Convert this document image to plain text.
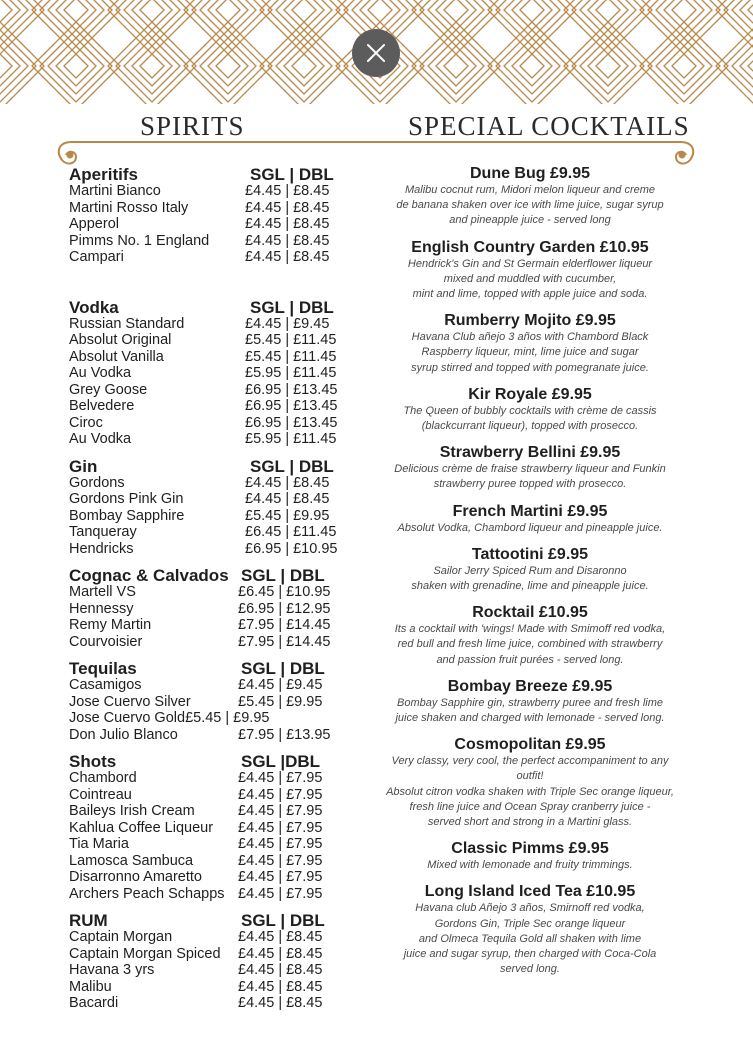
SPIRITS	SPECIAL COCKTAILS
Aperitifs	SGL | DBL
Martini Bianco	£4.45 | £8.45
Martini Rosso Italy	£4.45 | £8.45
Apperol	£4.45 | £8.45
Pimms No. 1 England £4.45 | £8.45
Campari	£4.45 | £8.45
Vodka	SGL | DBL
Russian Standard	£4.45 | £9.45
Absolut Original	£5.45 | £11.45
Absolut Vanilla	£5.45 | £11.45
Au Vodka	£5.95 | £11.45
Grey Goose	£6.95 | £13.45
Belvedere	£6.95 | £13.45
Ciroc	£6.95 | £13.45
Au Vodka	£5.95 | £11.45
Gin	SGL | DBL
Gordons	£4.45 | £8.45
Gordons Pink Gin	£4.45 | £8.45
Bombay Sapphire	£5.45 | £9.95
Tanqueray	£6.45 | £11.45
Hendricks	£6.95 | £10.95
Cognac & Calvados SGL | DBL
Martell VS	£6.45 | £10.95
Hennessy	£6.95 | £12.95
Remy Martin	£7.95 | £14.45
Courvoisier	£7.95 | £14.45
Tequilas	SGL | DBL
Casamigos	£4.45 | £9.45
Jose Cuervo Silver	£5.45 | £9.95
Jose Cuervo Gold£5.45 | £9.95
Don Julio Blanco	£7.95 | £13.95
Shots	SGL |DBL
Chambord	£4.45 | £7.95
Cointreau	£4.45 | £7.95
Baileys Irish Cream	£4.45 | £7.95
Kahlua Coffee Liqueur £4.45 | £7.95
Tia Maria	£4.45 | £7.95
Lamosca Sambuca	£4.45 | £7.95
Disarronno Amaretto £4.45 | £7.95
Archers Peach Schapps £4.45 | £7.95
RUM	SGL | DBL
Captain Morgan	£4.45 | £8.45
Captain Morgan Spiced £4.45 | £8.45
Havana 3 yrs	£4.45 | £8.45
Malibu	£4.45 | £8.45
Bacardi	£4.45 | £8.45
Dune Bug £9.95
Malibu cocnut rum, Midori melon liqueur and creme
de banana shaken over ice with lime juice, sugar syrup
and pineapple juice - served long
English Country Garden £10.95
Hendrick's Gin and St Germain elderflower liqueur
mixed and muddled with cucumber,
mint and lime, topped with apple juice and soda.
Rumberry Mojito £9.95
Havana Club añejo 3 años with Chambord Black
Raspberry liqueur, mint, lime juice and sugar
syrup stirred and topped with pomegranate juice.
Kir Royale £9.95
The Queen of bubbly cocktails with crème de cassis
(blackcurrant liqueur), topped with prosecco.
Strawberry Bellini £9.95
Delicious crème de fraise strawberry liqueur and Funkin
strawberry puree topped with prosecco.
French Martini £9.95
Absolut Vodka, Chambord liqueur and pineapple juice.
Tattootini £9.95
Sailor Jerry Spiced Rum and Disaronno
shaken with grenadine, lime and pineapple juice.
Rocktail £10.95
Its a cocktail with 'wings! Made with Smimoff red vodka,
red bull and fresh lime juice, combined with strawberry
and passion fruit purées - served long.
Bombay Breeze £9.95
Bombay Sapphire gin, strawberry puree and fresh lime
juice shaken and charged with lemonade - served long.
Cosmopolitan £9.95
Very classy, very cool, the perfect accompaniment to any outfit!
Absolut citron vodka shaken with Triple Sec orange liqueur,
fresh line juice and Ocean Spray cranberry juice -
served short and strong in a Martini glass.
Classic Pimms £9.95
Mixed with lemonade and fruity trimmings.
Long Island Iced Tea £10.95
Havana club Añejo 3 años, Smirnoff red vodka,
Gordons Gin, Triple Sec orange liqueur
and Olmeca Tequila Gold all shaken with lime
juice and sugar syrup, then charged with Coca-Cola
served long.
